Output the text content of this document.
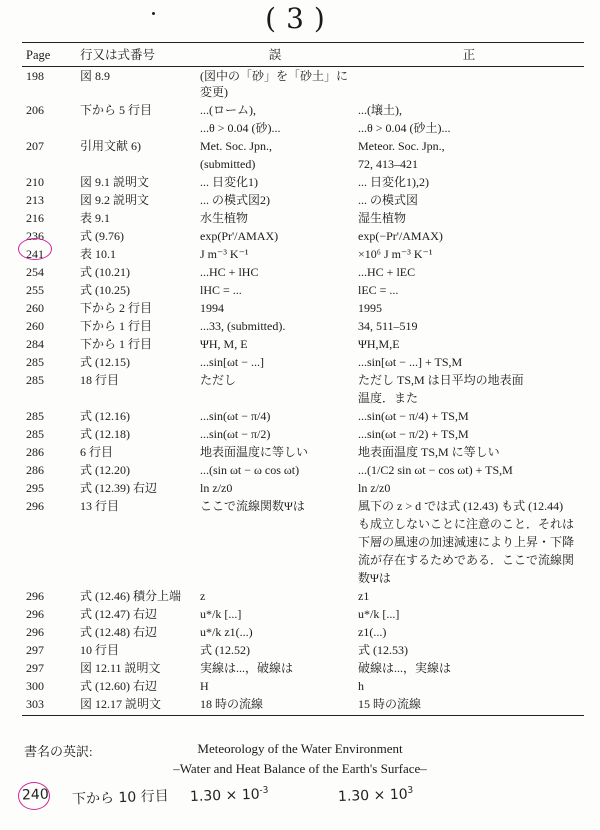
(3)
Page	行又は式番号	誤	正
198	図 8.9	(図中の「砂」を「砂土」に変更)	
206	下から 5 行目	...(ローム),	...(壌土),
		...θ > 0.04 (砂)...	...θ > 0.04 (砂土)...
207	引用文献 6)	Met. Soc. Jpn.,	Meteor. Soc. Jpn.,
		(submitted)	72, 413–421
210	図 9.1 説明文	... 日変化1)	... 日変化1),2)
213	図 9.2 説明文	... の模式図2)	... の模式図
216	表 9.1	水生植物	湿生植物
236	式 (9.76)	exp(Pr'/AMAX)	exp(−Pr'/AMAX)
241	表 10.1	J m⁻³ K⁻¹	×10⁶ J m⁻³ K⁻¹
254	式 (10.21)	...HC + lHC	...HC + lEC
255	式 (10.25)	lHC = ...	lEC = ...
260	下から 2 行目	1994	1995
260	下から 1 行目	...33, (submitted).	34, 511–519
284	下から 1 行目	ΨH, M, E	ΨH,M,E
285	式 (12.15)	...sin[ωt − ...]	...sin[ωt − ...] + TS,M
285	18 行目	ただし	ただし TS,M は日平均の地表面
			温度．また
285	式 (12.16)	...sin(ωt − π/4)	...sin(ωt − π/4) + TS,M
285	式 (12.18)	...sin(ωt − π/2)	...sin(ωt − π/2) + TS,M
286	6 行目	地表面温度に等しい	地表面温度 TS,M に等しい
286	式 (12.20)	...(sin ωt − ω cos ωt)	...(1/C2 sin ωt − cos ωt) + TS,M
295	式 (12.39) 右辺	ln z/z0	ln z/z0
296	13 行目	ここで流線関数Ψは	風下の z > d では式 (12.43) も式 (12.44)
			も成立しないことに注意のこと．それは
			下層の風速の加速減速により上昇・下降
			流が存在するためである．ここで流線関
			数Ψは
296	式 (12.46) 積分上端	z	z1
296	式 (12.47) 右辺	u*/k [...]	u*/k [...]
296	式 (12.48) 右辺	u*/k z1(...)	z1(...)
297	10 行目	式 (12.52)	式 (12.53)
297	図 12.11 説明文	実線は...，破線は	破線は...，実線は
300	式 (12.60) 右辺	H	h
303	図 12.17 説明文	18 時の流線	15 時の流線
書名の英訳:	Meteorology of the Water Environment
–Water and Heat Balance of the Earth's Surface–
240 下から 10 行目 $1.30 \times 10^{-3}$	$1.30 \times 10^3$
